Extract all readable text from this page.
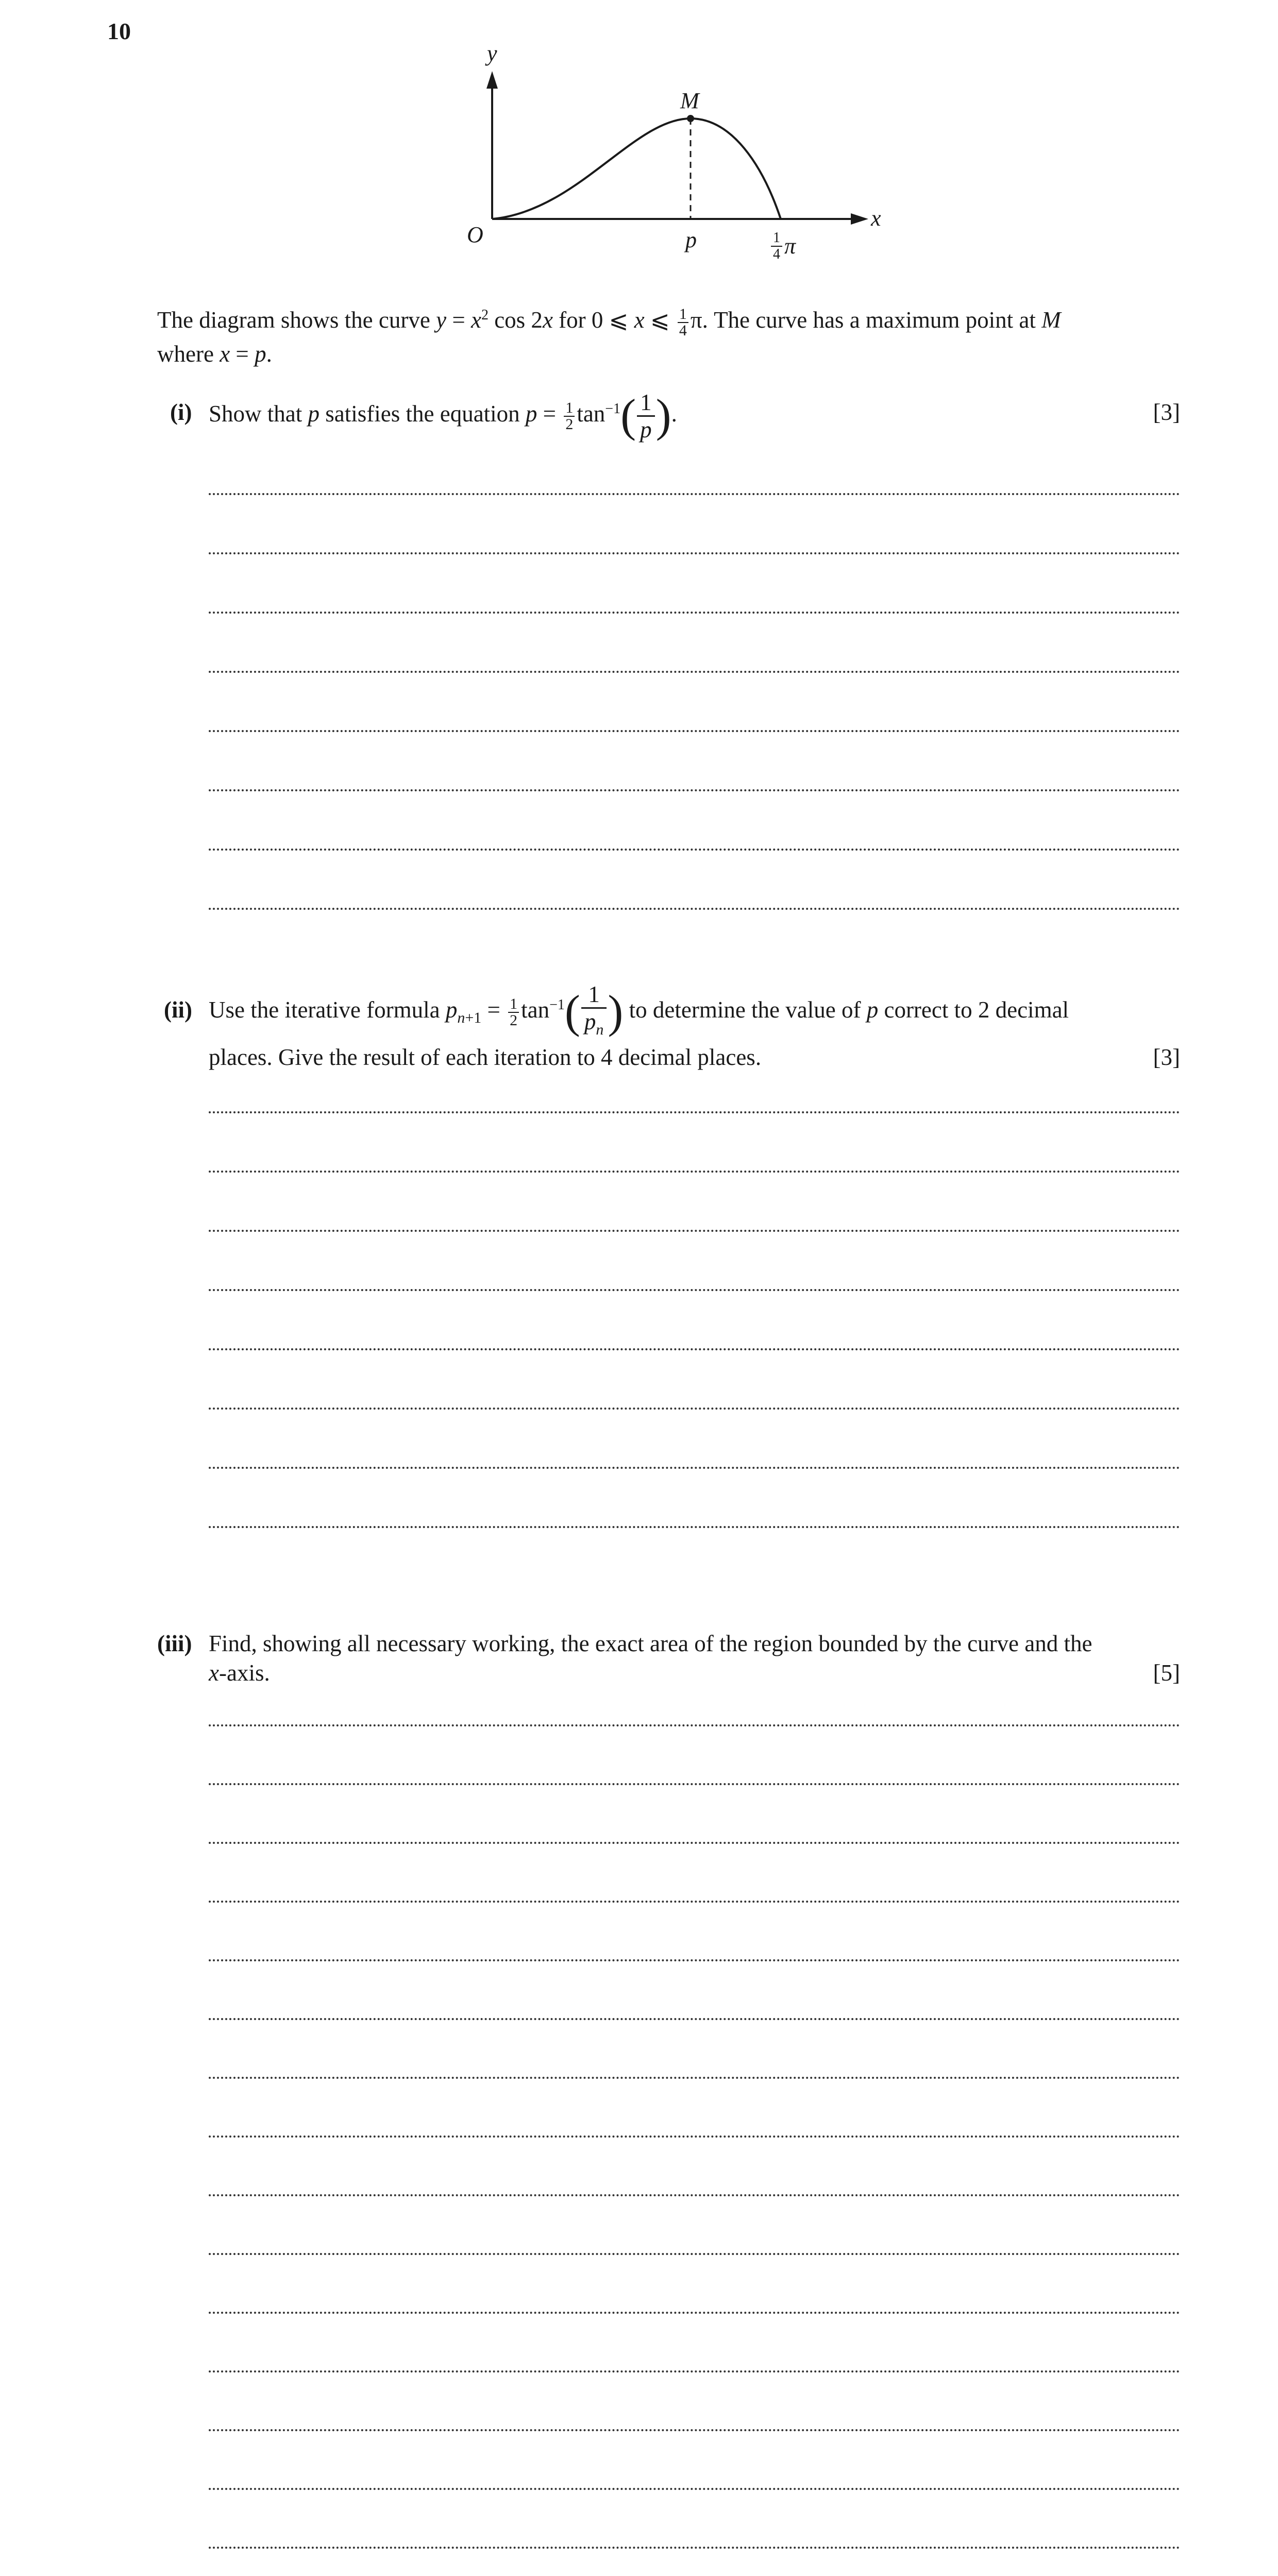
10
y
x
O
M
p	1
4 π
The diagram shows the curve $y = x^2$ cos 2x for 0 ⩽ x ⩽ $\frac{1}{4} \pi$. The curve has a maximum point at M
where x = p.
(i) Show that p satisfies the equation $p = \frac{1}{2} \tan^{-1}( \frac{1}{p}$ ).	[3]
(ii) Use the iterative formula $p_{n+1} = \frac{1}{2} \tan^{-1}( \frac{1}{p_n}$ ) to determine the value of p correct to 2 decimal
places. Give the result of each iteration to 4 decimal places.	[3]
(iii) Find, showing all necessary working, the exact area of the region bounded by the curve and the
x-axis.	[5]
